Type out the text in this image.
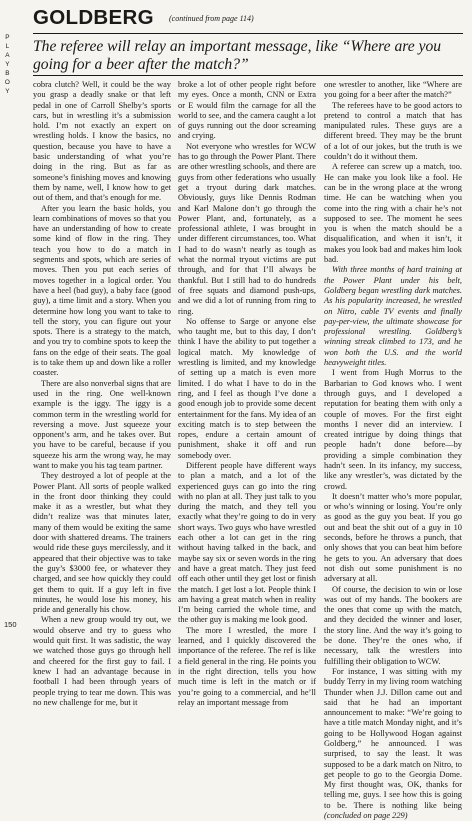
P
L
A
Y
B
O
Y
GOLDBERG (continued from page 114)
The referee will relay an important message, like “Where are you going for a beer after the match?”

cobra clutch? Well, it could be the way you grasp a deadly snake or that left pedal in one of Carroll Shelby’s sports cars, but in wrestling it’s a submission hold. I’m not exactly an expert on wrestling holds. I know the basics, no question, because you have to have a basic understanding of what you’re doing in the ring. But as far as someone’s finishing moves and knowing them by name, well, I know how to get out of them, and that’s enough for me.

After you learn the basic holds, you learn combinations of moves so that you have an understanding of how to create some kind of flow in the ring. They teach you how to do a match in segments and spots, which are series of moves. Then you put each series of moves together in a logical order. You have a heel (bad guy), a baby face (good guy), a time limit and a story. When you determine how long you want to take to tell the story, you can figure out your spots. There is a strategy to the match, and you try to combine spots to keep the fans on the edge of their seats. The goal is to take them up and down like a roller coaster.

There are also nonverbal signs that are used in the ring. One well-known example is the iggy. The iggy is a common term in the wrestling world for reversing a move. Just squeeze your opponent’s arm, and he takes over. But you have to be careful, because if you squeeze his arm the wrong way, he may want to make you his tag team partner.

They destroyed a lot of people at the Power Plant. All sorts of people walked in the front door thinking they could make it as a wrestler, but what they didn’t realize was that minutes later, many of them would be exiting the same door with shattered dreams. The trainers would ride these guys mercilessly, and it appeared that their objective was to take the guy’s $3000 fee, or whatever they charged, and see how quickly they could get them to quit. If a guy left in five minutes, he would lose his money, his pride and generally his chow.

When a new group would try out, we would observe and try to guess who would quit first. It was sadistic, the way we watched those guys go through hell and cheered for the first guy to fail. I knew I had an advantage because in football I had been through years of people trying to tear me down. This was no new challenge for me, but it

broke a lot of other people right before my eyes. Once a month, CNN or Extra or E would film the carnage for all the world to see, and the camera caught a lot of guys running out the door screaming and crying.

Not everyone who wrestles for WCW has to go through the Power Plant. There are other wrestling schools, and there are guys from other federations who usually get a tryout during dark matches. Obviously, guys like Dennis Rodman and Karl Malone don’t go through the Power Plant, and, fortunately, as a professional athlete, I was brought in under different circumstances, too. What I had to do wasn’t nearly as tough as what the normal tryout victims are put through, and for that I’ll always be thankful. But I still had to do hundreds of free squats and diamond push-ups, and we did a lot of running from ring to ring.

No offense to Sarge or anyone else who taught me, but to this day, I don’t think I have the ability to put together a logical match. My knowledge of wrestling is limited, and my knowledge of setting up a match is even more limited. I do what I have to do in the ring, and I feel as though I’ve done a good enough job to provide some decent entertainment for the fans. My idea of an exciting match is to step between the ropes, endure a certain amount of punishment, shake it off and run somebody over.

Different people have different ways to plan a match, and a lot of the experienced guys can go into the ring with no plan at all. They just talk to you during the match, and they tell you exactly what they’re going to do in very short ways. Two guys who have wrestled each other a lot can get in the ring without having talked in the back, and maybe say six or seven words in the ring and have a great match. They just feed off each other until they get lost or finish the match. I get lost a lot. People think I am having a great match when in reality I’m being carried the whole time, and the other guy is making me look good.

The more I wrestled, the more I learned, and I quickly discovered the importance of the referee. The ref is like a field general in the ring. He points you in the right direction, tells you how much time is left in the match or if you’re going to a commercial, and he’ll relay an important message from

one wrestler to another, like “Where are you going for a beer after the match?”

The referees have to be good actors to pretend to control a match that has manipulated rules. These guys are a different breed. They may be the brunt of a lot of our jokes, but the truth is we couldn’t do it without them.

A referee can screw up a match, too. He can make you look like a fool. He can be in the wrong place at the wrong time. He can be watching when you come into the ring with a chair he’s not supposed to see. The moment he sees you is when the match should be a disqualification, and when it isn’t, it makes you look bad and makes him look bad.

With three months of hard training at the Power Plant under his belt, Goldberg began wrestling dark matches. As his popularity increased, he wrestled on Nitro, cable TV events and finally pay-per-view, the ultimate showcase for professional wrestling. Goldberg’s winning streak climbed to 173, and he won both the U.S. and the world heavyweight titles.

I went from Hugh Morrus to the Barbarian to God knows who. I went through guys, and I developed a reputation for beating them with only a couple of moves. For the first eight months I never did an interview. I created intrigue by doing things that people hadn’t done before—by providing a simple combination they hadn’t seen. In its infancy, my success, like any wrestler’s, was dictated by the crowd.

It doesn’t matter who’s more popular, or who’s winning or losing. You’re only as good as the guy you beat. If you go out and beat the shit out of a guy in 10 seconds, before he throws a punch, that only shows that you can beat him before he gets to you. An adversary that does not dish out some punishment is no adversary at all.

Of course, the decision to win or lose was out of my hands. The bookers are the ones that come up with the match, and they decided the winner and loser, the story line. And the way it’s going to be done. They’re the ones who, if necessary, talk the wrestlers into fulfilling their obligation to WCW.

For instance, I was sitting with my buddy Terry in my living room watching Thunder when J.J. Dillon came out and said that he had an important announcement to make: “We’re going to have a title match Monday night, and it’s going to be Hollywood Hogan against Goldberg,” he announced. I was surprised, to say the least. It was supposed to be a dark match on Nitro, to get people to go to the Georgia Dome. My first thought was, OK, thanks for telling me, guys. I see how this is going to be. There is nothing like being (concluded on page 229)

150
